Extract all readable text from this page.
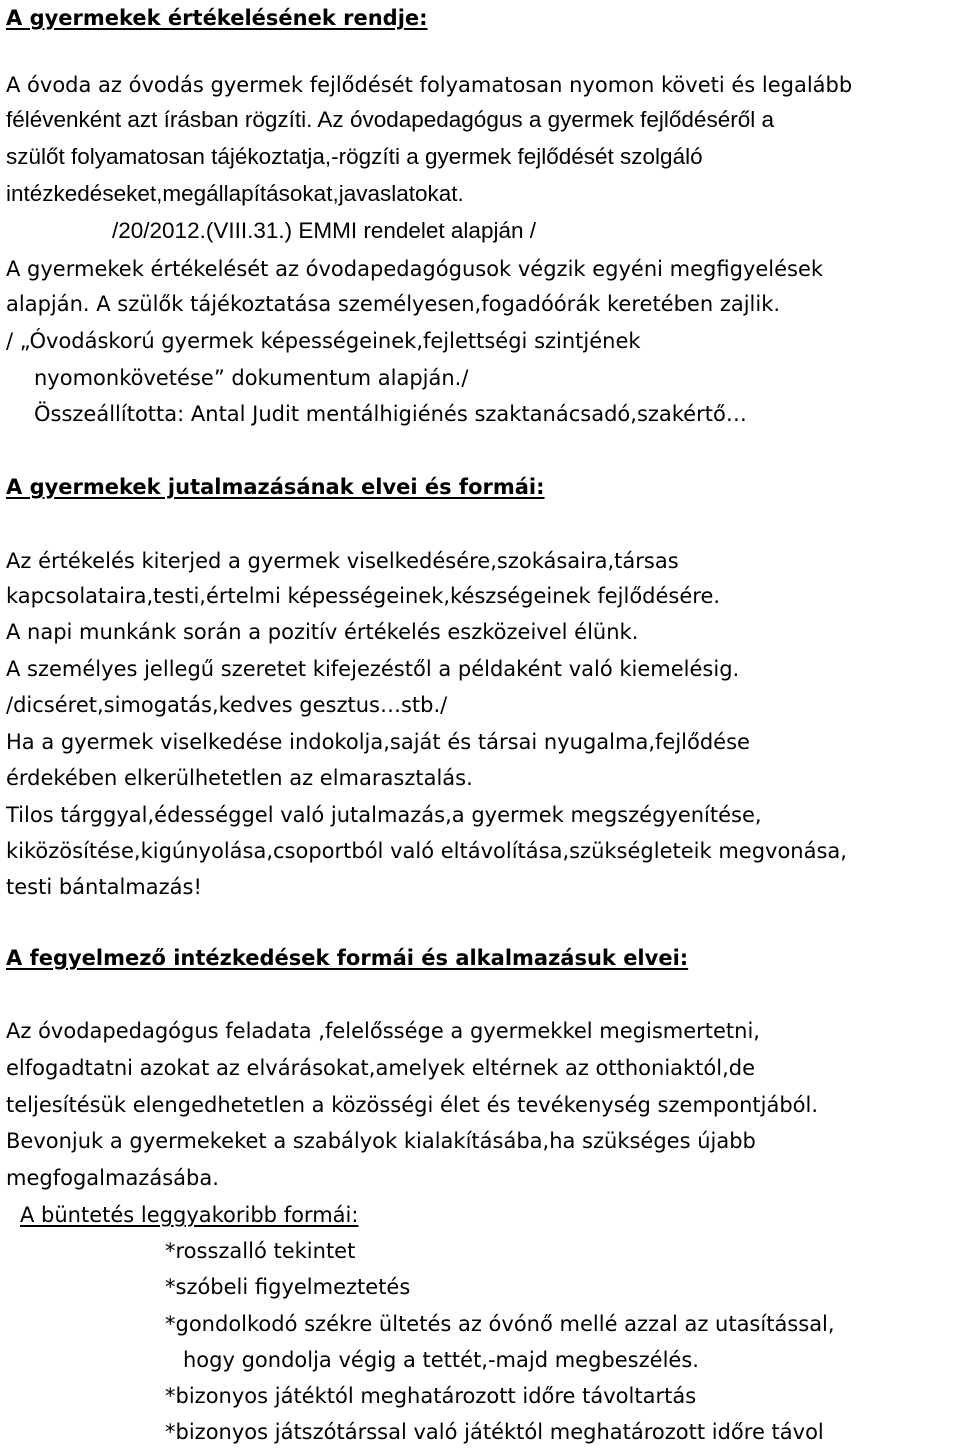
A gyermekek értékelésének rendje:
A óvoda az óvodás gyermek fejlődését folyamatosan nyomon követi és legalább
félévenként azt írásban rögzíti. Az óvodapedagógus a gyermek fejlődéséről a
szülőt folyamatosan tájékoztatja,-rögzíti a gyermek fejlődését szolgáló
intézkedéseket,megállapításokat,javaslatokat.
/20/2012.(VIII.31.) EMMI rendelet alapján /
A gyermekek értékelését az óvodapedagógusok végzik egyéni megfigyelések
alapján. A szülők tájékoztatása személyesen,fogadóórák keretében zajlik.
/ „Óvodáskorú gyermek képességeinek,fejlettségi szintjének
nyomonkövetése” dokumentum alapján./
Összeállította: Antal Judit mentálhigiénés szaktanácsadó,szakértő…
A gyermekek jutalmazásának elvei és formái:
Az értékelés kiterjed a gyermek viselkedésére,szokásaira,társas
kapcsolataira,testi,értelmi képességeinek,készségeinek fejlődésére.
A napi munkánk során a pozitív értékelés eszközeivel élünk.
A személyes jellegű szeretet kifejezéstől a példaként való kiemelésig.
/dicséret,simogatás,kedves gesztus…stb./
Ha a gyermek viselkedése indokolja,saját és társai nyugalma,fejlődése
érdekében elkerülhetetlen az elmarasztalás.
Tilos tárggyal,édességgel való jutalmazás,a gyermek megszégyenítése,
kiközösítése,kigúnyolása,csoportból való eltávolítása,szükségleteik megvonása,
testi bántalmazás!
A fegyelmező intézkedések formái és alkalmazásuk elvei:
Az óvodapedagógus feladata ,felelőssége a gyermekkel megismertetni,
elfogadtatni azokat az elvárásokat,amelyek eltérnek az otthoniaktól,de
teljesítésük elengedhetetlen a közösségi élet és tevékenység szempontjából.
Bevonjuk a gyermekeket a szabályok kialakításába,ha szükséges újabb
megfogalmazásába.
A büntetés leggyakoribb formái:
*rosszalló tekintet
*szóbeli figyelmeztetés
*gondolkodó székre ültetés az óvónő mellé azzal az utasítással,
hogy gondolja végig a tettét,-majd megbeszélés.
*bizonyos játéktól meghatározott időre távoltartás
*bizonyos játszótárssal való játéktól meghatározott időre távol
